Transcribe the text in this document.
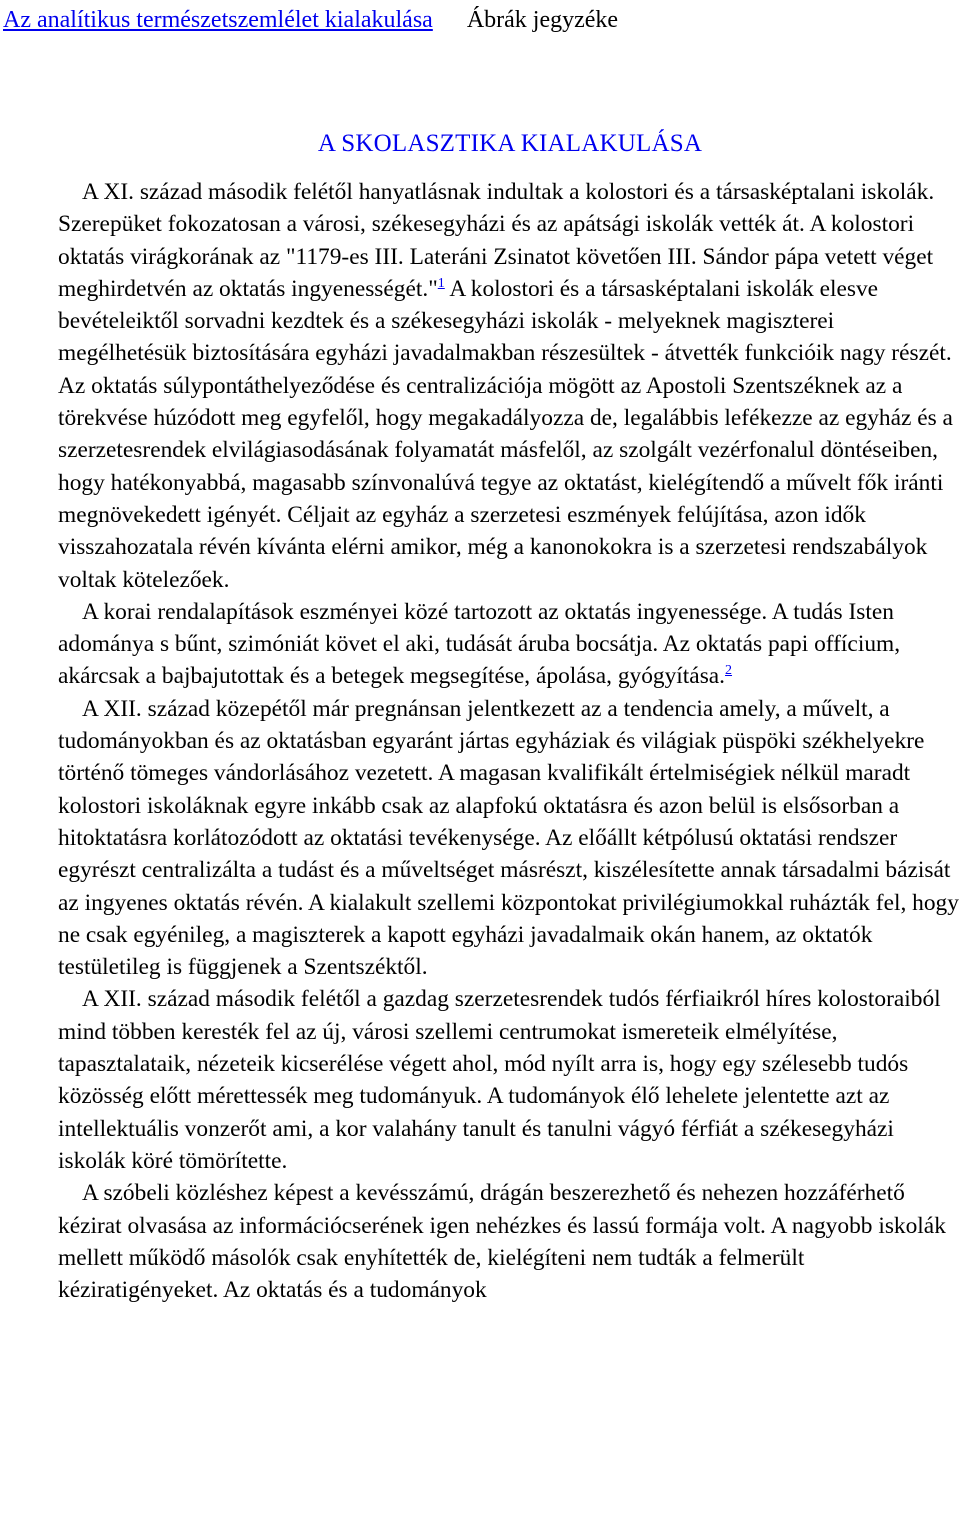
Az analítikus természetszemlélet kialakulása Ábrák jegyzéke
A SKOLASZTIKA KIALAKULÁSA

A XI. század második felétől hanyatlásnak indultak a kolostori és a társasképtalani iskolák. Szerepüket fokozatosan a városi, székesegyházi és az apátsági iskolák vették át. A kolostori oktatás virágkorának az "1179-es III. Lateráni Zsinatot követően III. Sándor pápa vetett véget meghirdetvén az oktatás ingyenességét."$^1$ A kolostori és a társasképtalani iskolák elesve bevételeiktől sorvadni kezdtek és a székesegyházi iskolák - melyeknek magiszterei megélhetésük biztosítására egyházi javadalmakban részesültek - átvették funkcióik nagy részét. Az oktatás súlypontáthelyeződése és centralizációja mögött az Apostoli Szentszéknek az a törekvése húzódott meg egyfelől, hogy megakadályozza de, legalábbis lefékezze az egyház és a szerzetesrendek elvilágiasodásának folyamatát másfelől, az szolgált vezérfonalul döntéseiben, hogy hatékonyabbá, magasabb színvonalúvá tegye az oktatást, kielégítendő a művelt fők iránti megnövekedett igényét. Céljait az egyház a szerzetesi eszmények felújítása, azon idők visszahozatala révén kívánta elérni amikor, még a kanonokokra is a szerzetesi rendszabályok voltak kötelezőek.

A korai rendalapítások eszményei közé tartozott az oktatás ingyenessége. A tudás Isten adománya s bűnt, szimóniát követ el aki, tudását áruba bocsátja. Az oktatás papi offícium, akárcsak a bajbajutottak és a betegek megsegítése, ápolása, gyógyítása.$^2$

A XII. század közepétől már pregnánsan jelentkezett az a tendencia amely, a művelt, a tudományokban és az oktatásban egyaránt jártas egyháziak és világiak püspöki székhelyekre történő tömeges vándorlásához vezetett. A magasan kvalifikált értelmiségiek nélkül maradt kolostori iskoláknak egyre inkább csak az alapfokú oktatásra és azon belül is elsősorban a hitoktatásra korlátozódott az oktatási tevékenysége. Az előállt kétpólusú oktatási rendszer egyrészt centralizálta a tudást és a műveltséget másrészt, kiszélesítette annak társadalmi bázisát az ingyenes oktatás révén. A kialakult szellemi központokat privilégiumokkal ruházták fel, hogy ne csak egyénileg, a magiszterek a kapott egyházi javadalmaik okán hanem, az oktatók testületileg is függjenek a Szentszéktől.

A XII. század második felétől a gazdag szerzetesrendek tudós férfiaikról híres kolostoraiból mind többen keresték fel az új, városi szellemi centrumokat ismereteik elmélyítése, tapasztalataik, nézeteik kicserélése végett ahol, mód nyílt arra is, hogy egy szélesebb tudós közösség előtt mérettessék meg tudományuk. A tudományok élő lehelete jelentette azt az intellektuális vonzerőt ami, a kor valahány tanult és tanulni vágyó férfiát a székesegyházi iskolák köré tömörítette.

A szóbeli közléshez képest a kevésszámú, drágán beszerezhető és nehezen hozzáférhető kézirat olvasása az információcserének igen nehézkes és lassú formája volt. A nagyobb iskolák mellett működő másolók csak enyhítették de, kielégíteni nem tudták a felmerült kéziratigényeket. Az oktatás és a tudományok
